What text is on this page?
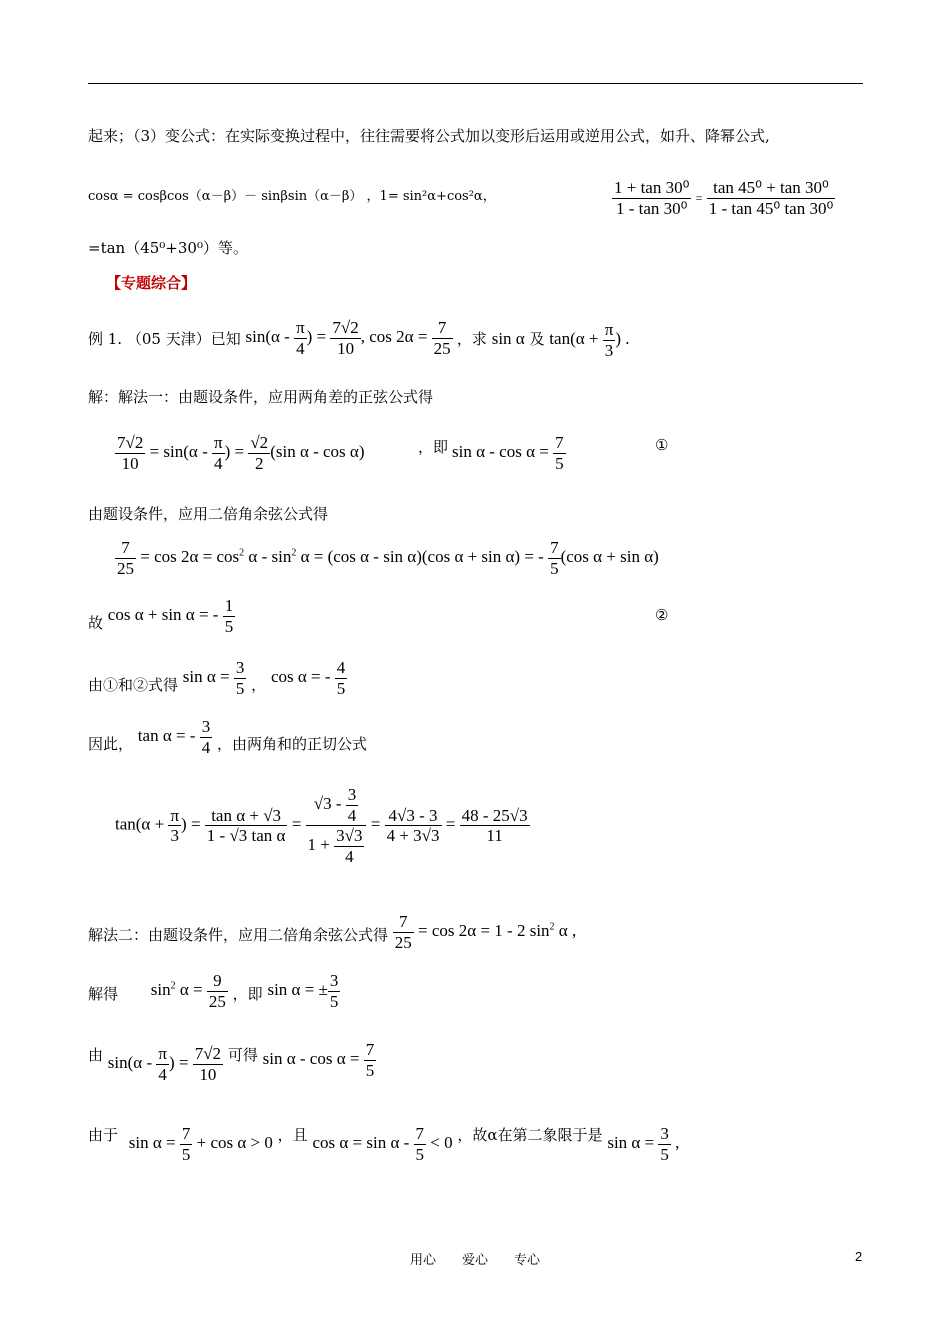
起来；（3）变公式：在实际变换过程中，往往需要将公式加以变形后运用或逆用公式，如升、降幂公式,
cosα = cosβcos（α－β）－ sinβsin（α－β） ，1= sin²α+cos²α，	$\frac{\text{1 + tan 30⁰}}{\text{1 - tan 30⁰}} = \frac{\text{tan 45⁰ + tan 30⁰}}{\text{1 - tan 45⁰ tan 30⁰}}$
=tan（45⁰+30⁰）等。
【专题综合】
例 1. （05 天津）已知 $\sin(\alpha - \frac{\pi}{4}$ ) = $\frac{7√2}{10}$ , $\cos 2\alpha = \frac{7}{25}$ ，求 sin α 及 $\tan(\alpha + \frac{\pi}{3}$ ) .
解：解法一：由题设条件，应用两角差的正弦公式得
$\frac{7√2}{10} = \sin(\alpha - \frac{\pi}{4}$ ) = $\frac{√2}{2} (\sin$ α - cos α)	，即 $\sin \alpha - \cos \alpha = \frac{7}{5}$	①
由题设条件，应用二倍角余弦公式得
$\frac{7}{25} = \cos 2\alpha = \cos^2 \alpha - \sin^2 \alpha = (\cos$ α - sin α)(cos α + sin α) = - $\frac{7}{5} (\cos$ α + sin α)
故 cos α + sin α = - $\frac{1}{5}$	②
由①和②式得 $\sin \alpha = \frac{3}{5}$ ， cos α = - $\frac{4}{5}$
因此， tan α = - $\frac{3}{4}$ ，由两角和的正切公式
$\tan(\alpha + \frac{\pi}{3}$ ) = $\frac{\text{tan α + √3}}{\text{1 - √3 tan α}} = \frac{√3 - \frac{3}{4}}{1 + \frac{3√3}{4}} = \frac{4√3 - 3}{4 + 3√3} = \frac{48 - 25√3}{11}$
解法二：由题设条件，应用二倍角余弦公式得 $\frac{7}{25} = \cos 2\alpha = 1 - 2$ $\sin^2 \alpha$ ,
解得 $\sin^2 \alpha = \frac{9}{25}$ ，即 sin α = ± $\frac{3}{5}$
由 $\sin(\alpha - \frac{\pi}{4}$ ) = $\frac{7√2}{10}$ 可得 $\sin \alpha - \cos \alpha = \frac{7}{5}$
由于 $\sin \alpha = \frac{7}{5} + \cos \alpha > 0$ ，且 $\cos \alpha = \sin \alpha - \frac{7}{5} < 0$ ，故α在第二象限于是 $\sin \alpha = \frac{3}{5}$ ,
用心　　爱心　　专心	2
